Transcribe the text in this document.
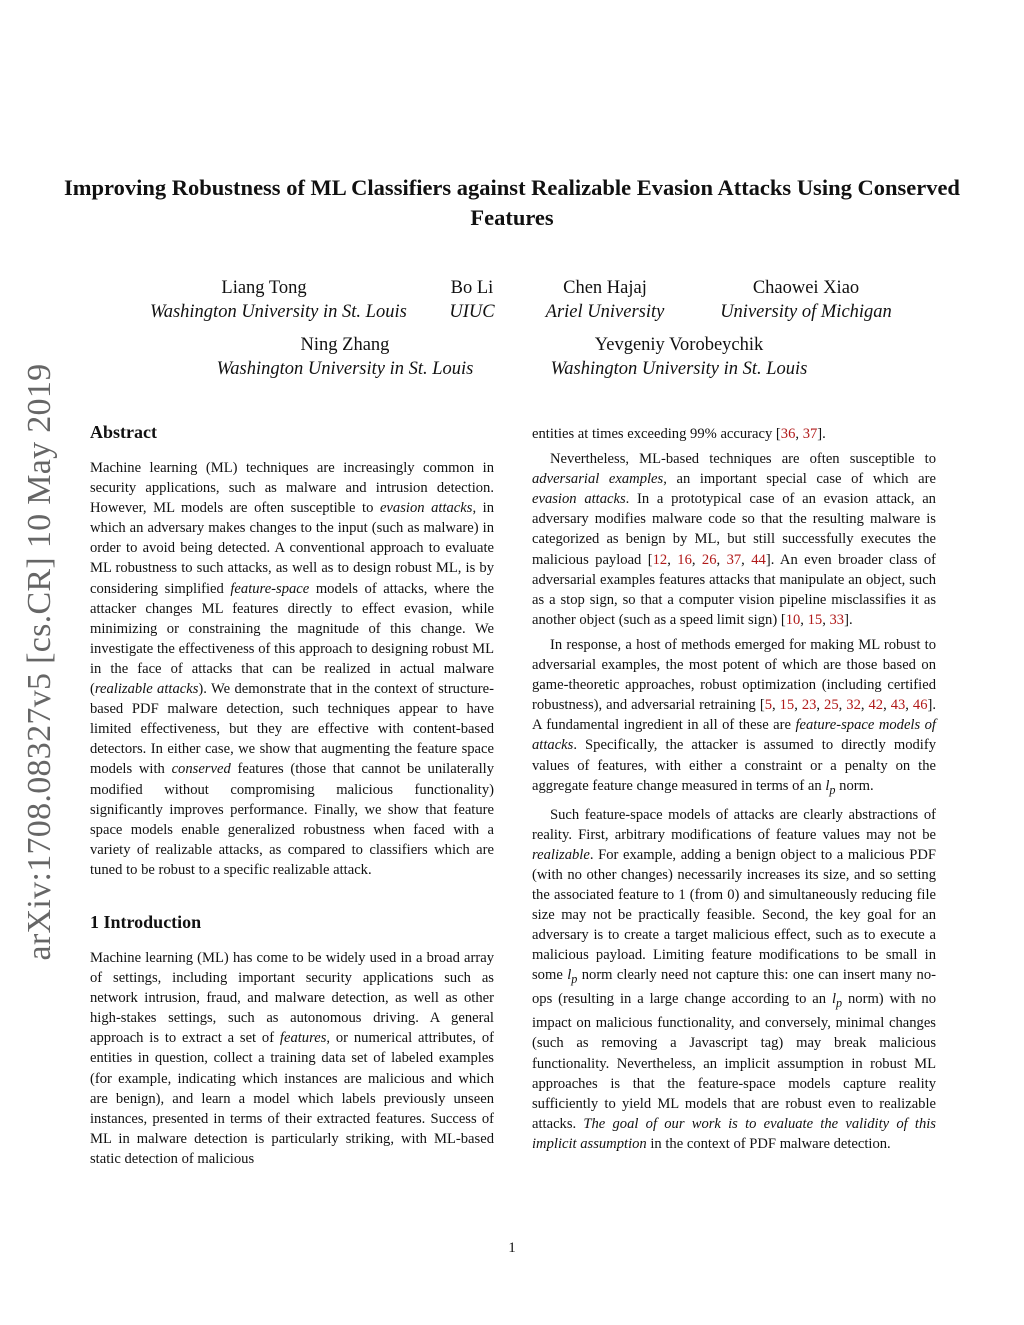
Improving Robustness of ML Classifiers against Realizable Evasion Attacks Using Conserved Features
Liang Tong
Washington University in St. Louis
Bo Li
UIUC
Chen Hajaj
Ariel University
Chaowei Xiao
University of Michigan
Ning Zhang
Washington University in St. Louis
Yevgeniy Vorobeychik
Washington University in St. Louis
arXiv:1708.08327v5 [cs.CR] 10 May 2019 Abstract

Machine learning (ML) techniques are increasingly common in security applications, such as malware and intrusion detection. However, ML models are often susceptible to evasion attacks, in which an adversary makes changes to the input (such as malware) in order to avoid being detected. A conventional approach to evaluate ML robustness to such attacks, as well as to design robust ML, is by considering simplified feature-space models of attacks, where the attacker changes ML features directly to effect evasion, while minimizing or constraining the magnitude of this change. We investigate the effectiveness of this approach to designing robust ML in the face of attacks that can be realized in actual malware (realizable attacks). We demonstrate that in the context of structure-based PDF malware detection, such techniques appear to have limited effectiveness, but they are effective with content-based detectors. In either case, we show that augmenting the feature space models with conserved features (those that cannot be unilaterally modified without compromising malicious functionality) significantly improves performance. Finally, we show that feature space models enable generalized robustness when faced with a variety of realizable attacks, as compared to classifiers which are tuned to be robust to a specific realizable attack.

1 Introduction

Machine learning (ML) has come to be widely used in a broad array of settings, including important security applications such as network intrusion, fraud, and malware detection, as well as other high-stakes settings, such as autonomous driving. A general approach is to extract a set of features, or numerical attributes, of entities in question, collect a training data set of labeled examples (for example, indicating which instances are malicious and which are benign), and learn a model which labels previously unseen instances, presented in terms of their extracted features. Success of ML in malware detection is particularly striking, with ML-based static detection of malicious

entities at times exceeding 99% accuracy [36, 37].

Nevertheless, ML-based techniques are often susceptible to adversarial examples, an important special case of which are evasion attacks. In a prototypical case of an evasion attack, an adversary modifies malware code so that the resulting malware is categorized as benign by ML, but still successfully executes the malicious payload [12, 16, 26, 37, 44]. An even broader class of adversarial examples features attacks that manipulate an object, such as a stop sign, so that a computer vision pipeline misclassifies it as another object (such as a speed limit sign) [10, 15, 33].

In response, a host of methods emerged for making ML robust to adversarial examples, the most potent of which are those based on game-theoretic approaches, robust optimization (including certified robustness), and adversarial retraining [5, 15, 23, 25, 32, 42, 43, 46]. A fundamental ingredient in all of these are feature-space models of attacks. Specifically, the attacker is assumed to directly modify values of features, with either a constraint or a penalty on the aggregate feature change measured in terms of an $l_p$ norm.

Such feature-space models of attacks are clearly abstractions of reality. First, arbitrary modifications of feature values may not be realizable. For example, adding a benign object to a malicious PDF (with no other changes) necessarily increases its size, and so setting the associated feature to 1 (from 0) and simultaneously reducing file size may not be practically feasible. Second, the key goal for an adversary is to create a target malicious effect, such as to execute a malicious payload. Limiting feature modifications to be small in some $l_p$ norm clearly need not capture this: one can insert many no-ops (resulting in a large change according to an $l_p$ norm) with no impact on malicious functionality, and conversely, minimal changes (such as removing a Javascript tag) may break malicious functionality. Nevertheless, an implicit assumption in robust ML approaches is that the feature-space models capture reality sufficiently to yield ML models that are robust even to realizable attacks. The goal of our work is to evaluate the validity of this implicit assumption in the context of PDF malware detection.

1
